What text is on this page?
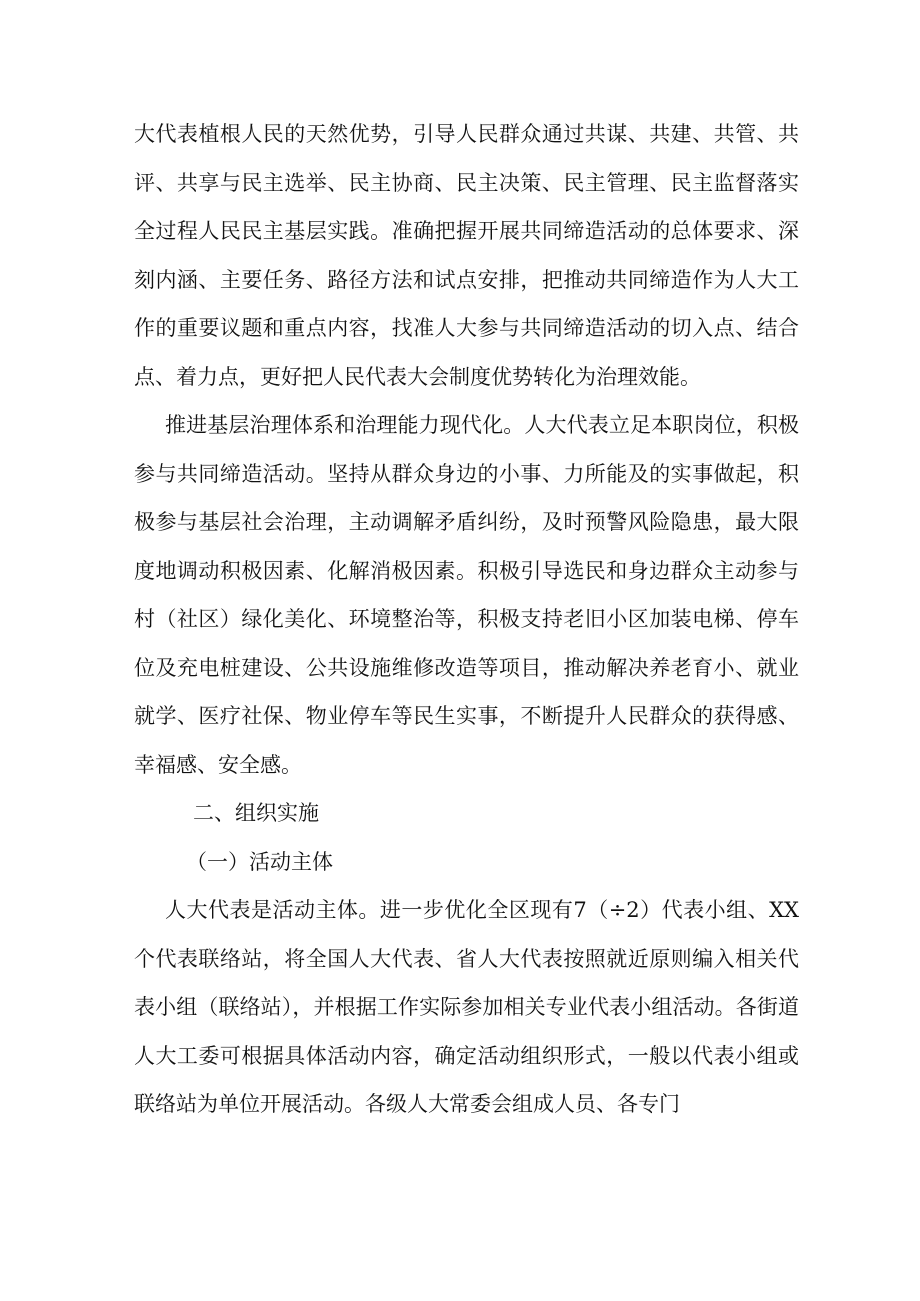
大代表植根人民的天然优势，引导人民群众通过共谋、共建、共管、共评、共享与民主选举、民主协商、民主决策、民主管理、民主监督落实全过程人民民主基层实践。准确把握开展共同缔造活动的总体要求、深刻内涵、主要任务、路径方法和试点安排，把推动共同缔造作为人大工作的重要议题和重点内容，找准人大参与共同缔造活动的切入点、结合点、着力点，更好把人民代表大会制度优势转化为治理效能。

推进基层治理体系和治理能力现代化。人大代表立足本职岗位，积极参与共同缔造活动。坚持从群众身边的小事、力所能及的实事做起，积极参与基层社会治理，主动调解矛盾纠纷，及时预警风险隐患，最大限度地调动积极因素、化解消极因素。积极引导选民和身边群众主动参与村（社区）绿化美化、环境整治等，积极支持老旧小区加装电梯、停车位及充电桩建设、公共设施维修改造等项目，推动解决养老育小、就业就学、医疗社保、物业停车等民生实事，不断提升人民群众的获得感、幸福感、安全感。

二、组织实施

（一）活动主体

人大代表是活动主体。进一步优化全区现有7（÷2）代表小组、XX个代表联络站，将全国人大代表、省人大代表按照就近原则编入相关代表小组（联络站），并根据工作实际参加相关专业代表小组活动。各街道人大工委可根据具体活动内容，确定活动组织形式，一般以代表小组或联络站为单位开展活动。各级人大常委会组成人员、各专门
